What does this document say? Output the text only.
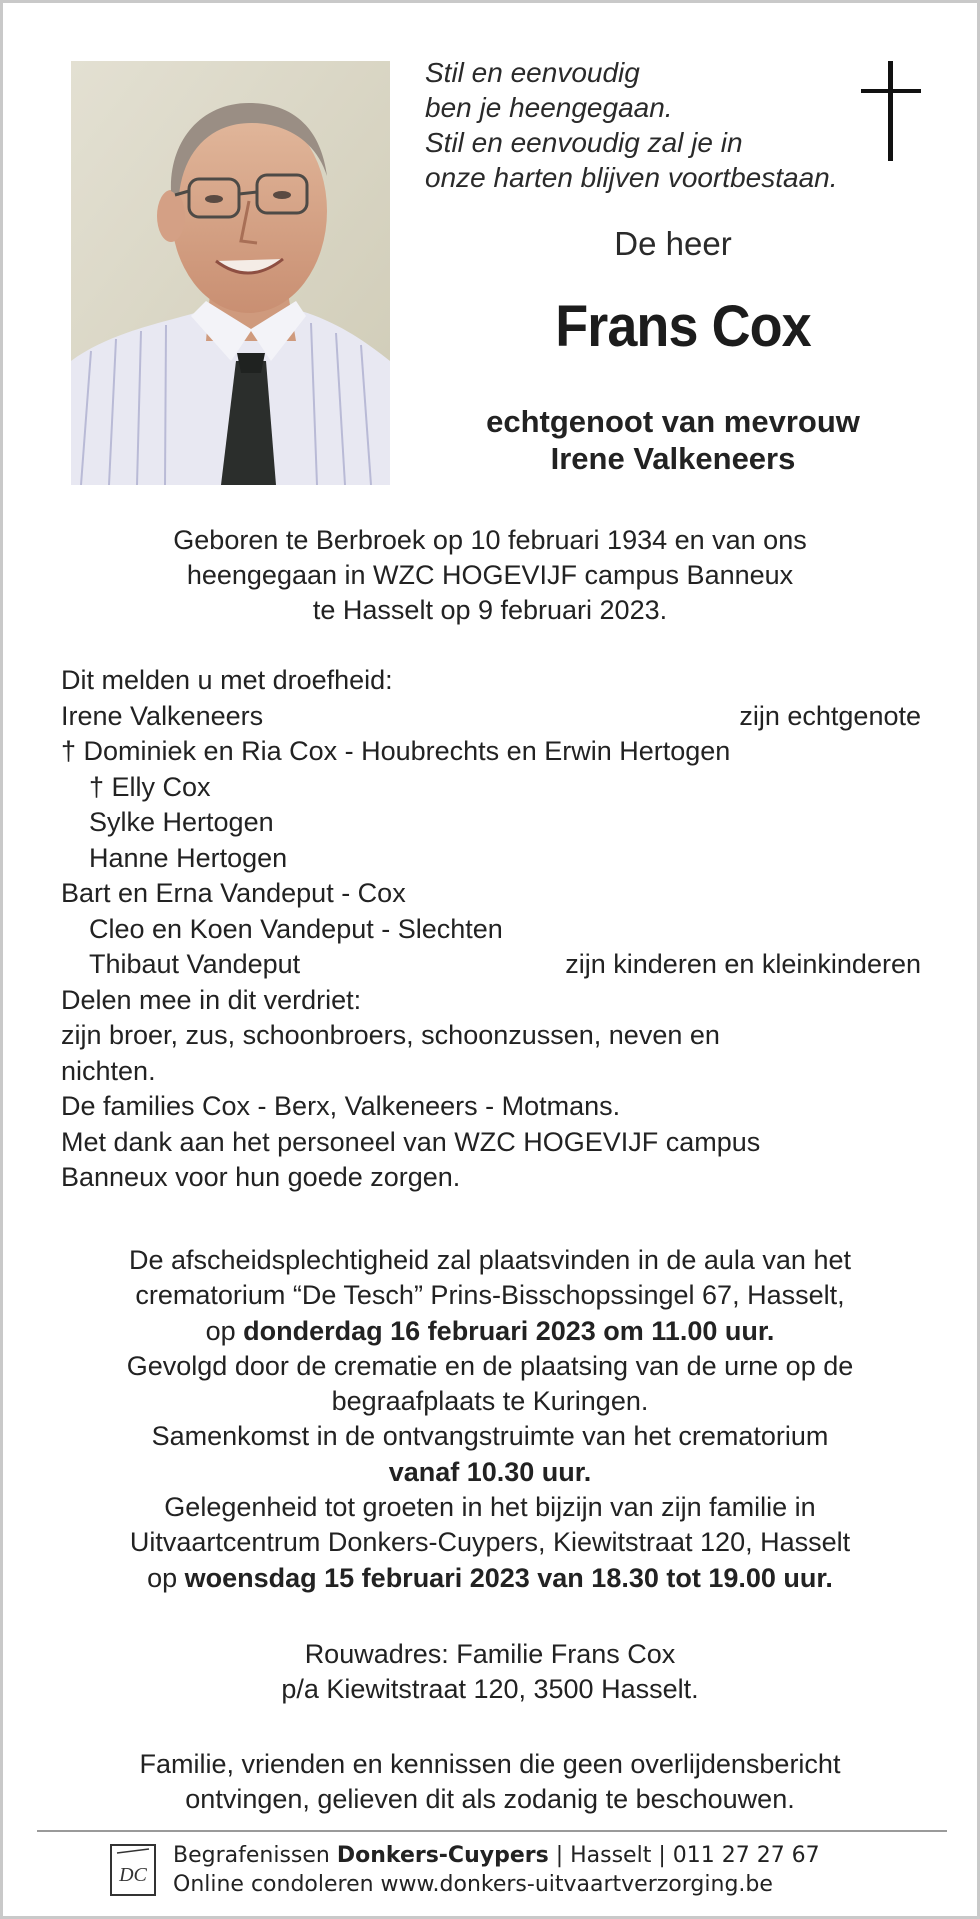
Stil en eenvoudig
ben je heengegaan.
Stil en eenvoudig zal je in
onze harten blijven voortbestaan.
De heer
Frans Cox
echtgenoot van mevrouw
Irene Valkeneers
Geboren te Berbroek op 10 februari 1934 en van ons
heengegaan in WZC HOGEVIJF campus Banneux
te Hasselt op 9 februari 2023.
Dit melden u met droefheid:
Irene Valkeneers	zijn echtgenote
† Dominiek en Ria Cox - Houbrechts en Erwin Hertogen
† Elly Cox
Sylke Hertogen
Hanne Hertogen
Bart en Erna Vandeput - Cox
Cleo en Koen Vandeput - Slechten
Thibaut Vandeput	zijn kinderen en kleinkinderen
Delen mee in dit verdriet:
zijn broer, zus, schoonbroers, schoonzussen, neven en
nichten.
De families Cox - Berx, Valkeneers - Motmans.
Met dank aan het personeel van WZC HOGEVIJF campus
Banneux voor hun goede zorgen.
De afscheidsplechtigheid zal plaatsvinden in de aula van het
crematorium “De Tesch” Prins-Bisschopssingel 67, Hasselt,
op donderdag 16 februari 2023 om 11.00 uur.
Gevolgd door de crematie en de plaatsing van de urne op de
begraafplaats te Kuringen.
Samenkomst in de ontvangstruimte van het crematorium
vanaf 10.30 uur.
Gelegenheid tot groeten in het bijzijn van zijn familie in
Uitvaartcentrum Donkers-Cuypers, Kiewitstraat 120, Hasselt
op woensdag 15 februari 2023 van 18.30 tot 19.00 uur.
Rouwadres: Familie Frans Cox
p/a Kiewitstraat 120, 3500 Hasselt.
Familie, vrienden en kennissen die geen overlijdensbericht
ontvingen, gelieven dit als zodanig te beschouwen.
DC
Begrafenissen Donkers-Cuypers | Hasselt | 011 27 27 67
Online condoleren www.donkers-uitvaartverzorging.be
